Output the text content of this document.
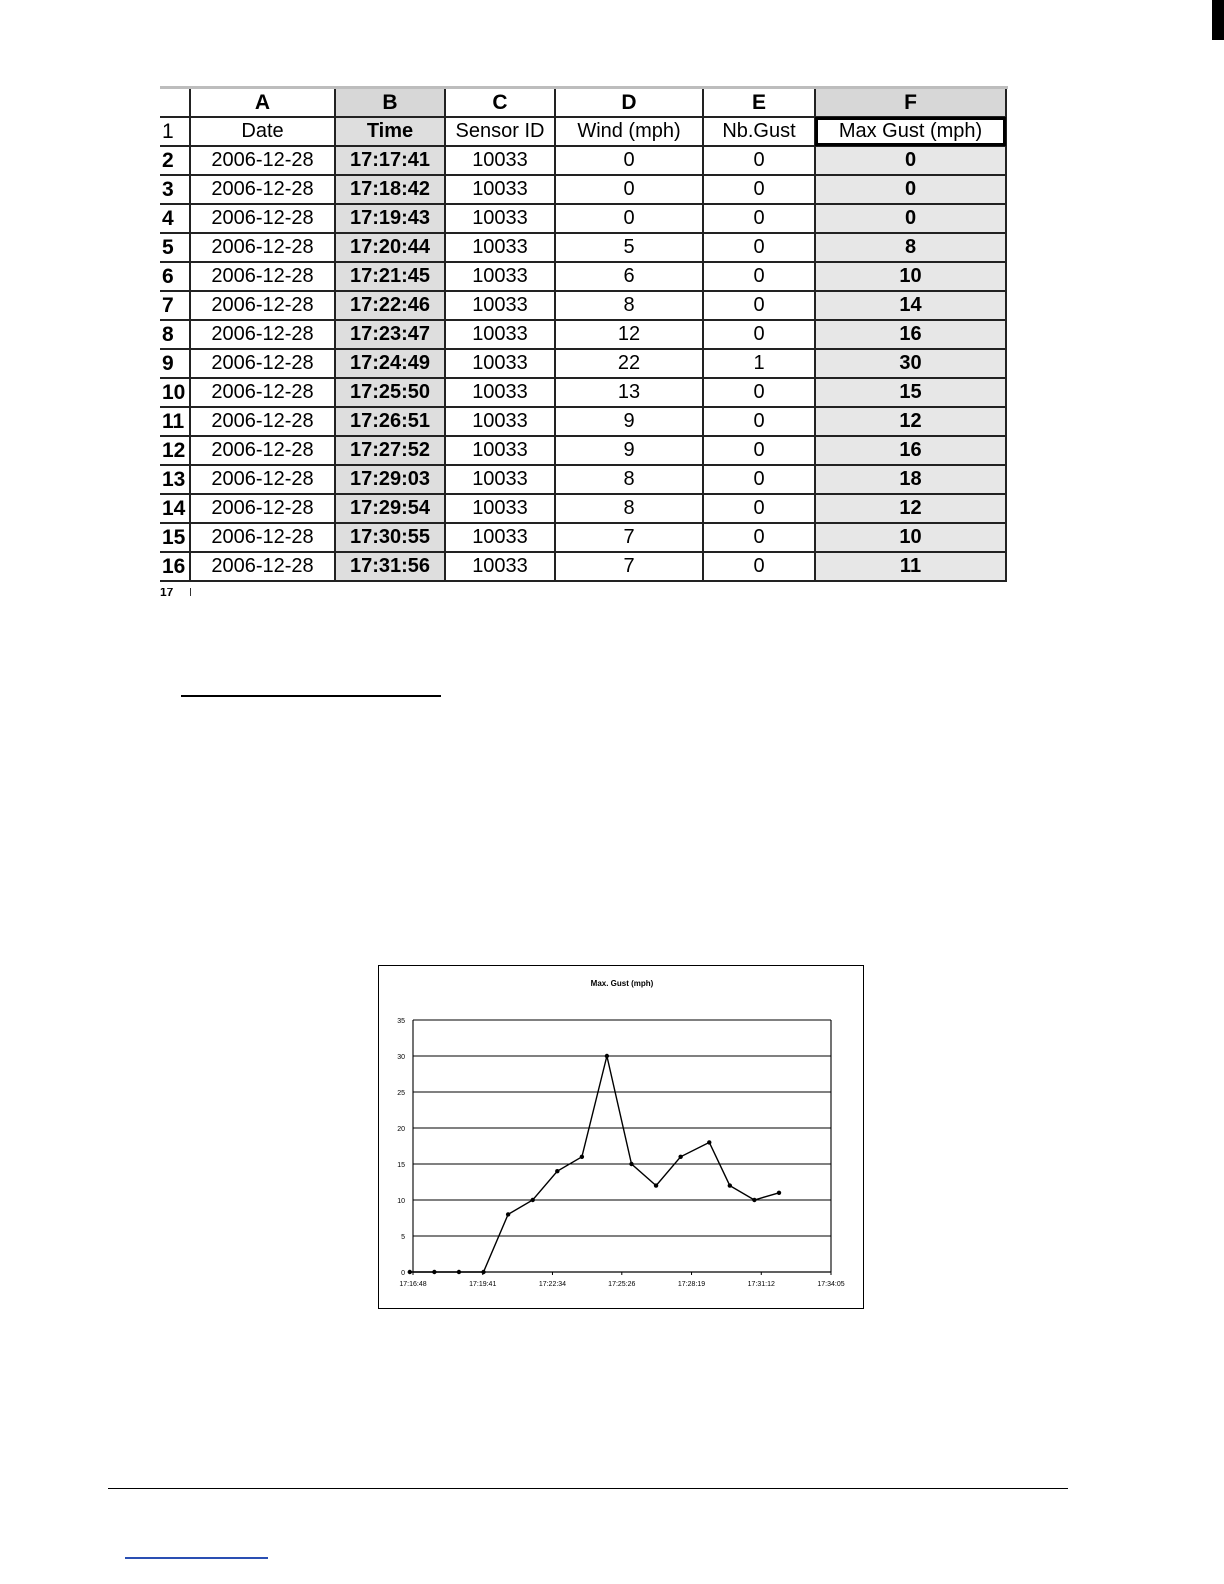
	A	B	C	D	E	F
1	Date	Time	Sensor ID	Wind (mph)	Nb.Gust	Max Gust (mph)
2	2006-12-28	17:17:41	10033	0	0	0
3	2006-12-28	17:18:42	10033	0	0	0
4	2006-12-28	17:19:43	10033	0	0	0
5	2006-12-28	17:20:44	10033	5	0	8
6	2006-12-28	17:21:45	10033	6	0	10
7	2006-12-28	17:22:46	10033	8	0	14
8	2006-12-28	17:23:47	10033	12	0	16
9	2006-12-28	17:24:49	10033	22	1	30
10	2006-12-28	17:25:50	10033	13	0	15
11	2006-12-28	17:26:51	10033	9	0	12
12	2006-12-28	17:27:52	10033	9	0	16
13	2006-12-28	17:29:03	10033	8	0	18
14	2006-12-28	17:29:54	10033	8	0	12
15	2006-12-28	17:30:55	10033	7	0	10
16	2006-12-28	17:31:56	10033	7	0	11
17
Max. Gust (mph)
0
5
10
15
20
25
30
35
17:16:48	17:19:41	17:22:34	17:25:26	17:28:19	17:31:12	17:34:05
